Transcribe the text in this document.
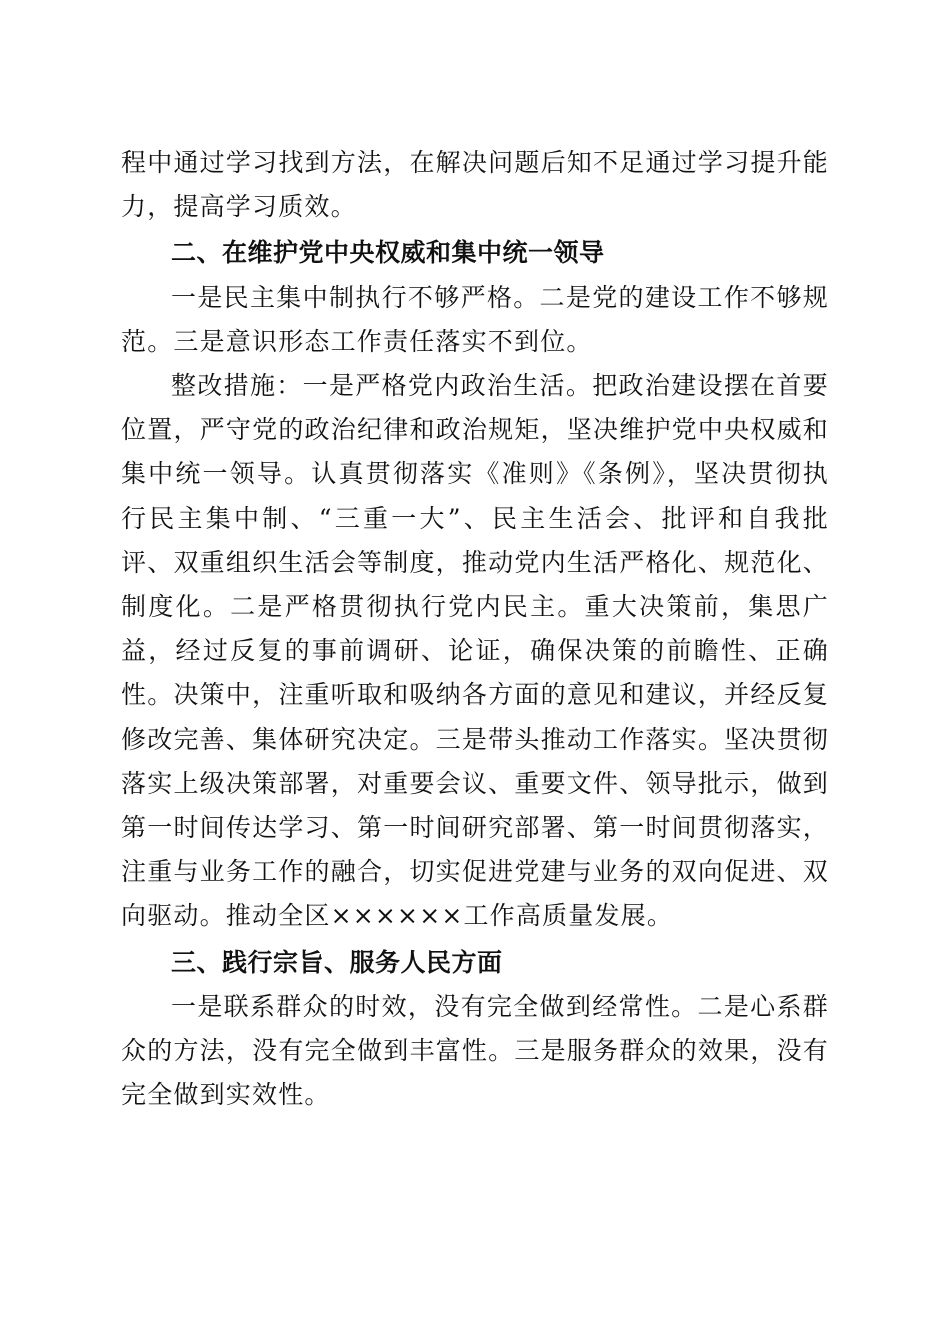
程中通过学习找到方法，在解决问题后知不足通过学习提升能力，提高学习质效。

二、在维护党中央权威和集中统一领导

一是民主集中制执行不够严格。二是党的建设工作不够规范。三是意识形态工作责任落实不到位。

整改措施：一是严格党内政治生活。把政治建设摆在首要位置，严守党的政治纪律和政治规矩，坚决维护党中央权威和集中统一领导。认真贯彻落实《准则》《条例》，坚决贯彻执行民主集中制、“三重一大”、民主生活会、批评和自我批评、双重组织生活会等制度，推动党内生活严格化、规范化、制度化。二是严格贯彻执行党内民主。重大决策前，集思广益，经过反复的事前调研、论证，确保决策的前瞻性、正确性。决策中，注重听取和吸纳各方面的意见和建议，并经反复修改完善、集体研究决定。三是带头推动工作落实。坚决贯彻落实上级决策部署，对重要会议、重要文件、领导批示，做到第一时间传达学习、第一时间研究部署、第一时间贯彻落实，注重与业务工作的融合，切实促进党建与业务的双向促进、双向驱动。推动全区××××××工作高质量发展。

三、践行宗旨、服务人民方面

一是联系群众的时效，没有完全做到经常性。二是心系群众的方法，没有完全做到丰富性。三是服务群众的效果，没有完全做到实效性。
